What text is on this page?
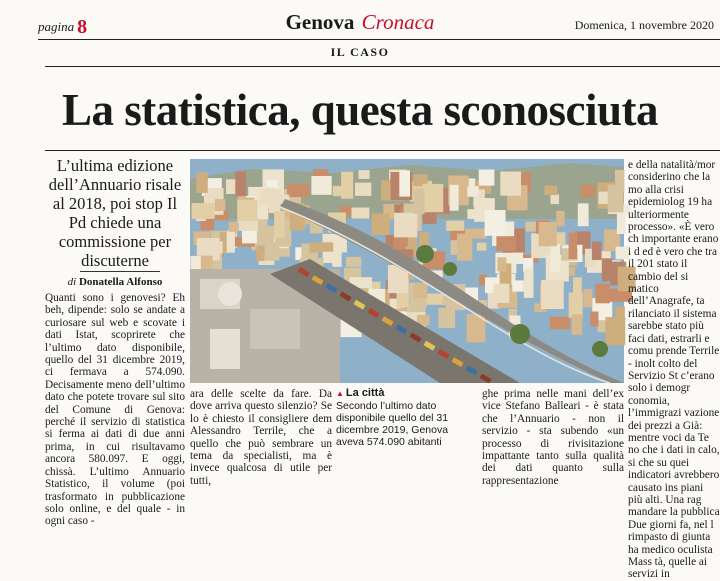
pagina 8	Genova Cronaca	Domenica, 1 novembre 2020
IL CASO
La statistica, questa sconosciuta
L’ultima edizione dell’Annuario risale al 2018, poi stop Il Pd chiede una commissione per discuterne
di Donatella Alfonso
Quanti sono i genovesi? Eh beh, dipende: solo se andate a curiosare sul web e scovate i dati Istat, scoprirete che l’ultimo dato disponibile, quello del 31 dicembre 2019, ci fermava a 574.090. Decisamente meno dell’ultimo dato che potete trovare sul sito del Comune di Genova: perché il servizio di statistica si ferma ai dati di due anni prima, in cui risultavamo ancora 580.097. E oggi, chissà. L’ultimo Annuario Statistico, il volume (poi trasformato in pubblicazione solo online, e del quale - in ogni caso -
ara delle scelte da fare. Da dove arriva questo silenzio? Se lo è chiesto il consigliere dem Alessandro Terrile, che a quello che può sembrare un tema da specialisti, ma è invece qualcosa di utile per tutti,
▲ La città
Secondo l’ultimo dato disponibile quello del 31 dicembre 2019, Genova aveva 574.090 abitanti
ghe prima nelle mani dell’ex vice Stefano Balleari - è stata che l’Annuario - non il servizio - sta subendo «un processo di rivisitazione impattante tanto sulla qualità dei dati quanto sulla rappresentazione
e della natalità/mor considerino che la mo alla crisi epidemiolog 19 ha ulteriormente processo». «È vero ch importante erano i d ed è vero che tra il 201 stato il cambio del si matico dell’Anagrafe, ta rilanciato il sistema sarebbe stato più faci dati, estrarli e comu prende Terrile - inolt colto del Servizio St c’erano solo i demogr conomia, l’immigrazi vazione dei prezzi a Già: mentre voci da Te no che i dati in calo, si che su quei indicatori avrebbero causato ins piani più alti. Una rag mandare la pubblica Due giorni fa, nel l rimpasto di giunta ha medico oculista Mass tà, quelle ai servizi in
